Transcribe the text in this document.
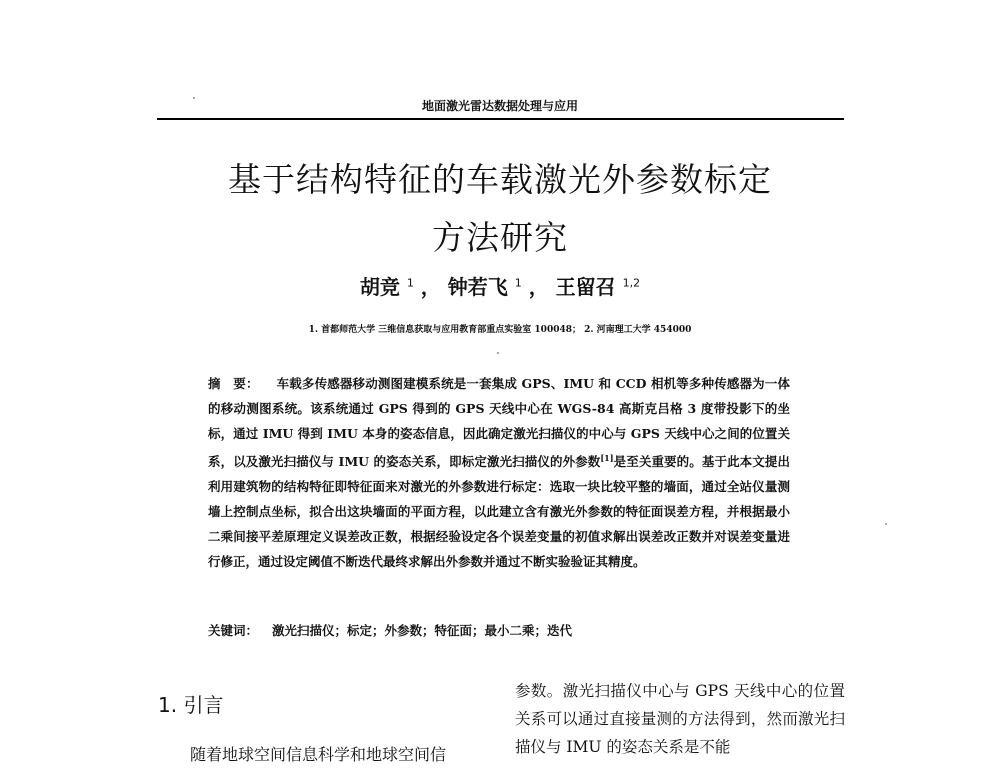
地面激光雷达数据处理与应用
基于结构特征的车载激光外参数标定
方法研究
胡竞 $^1$ ， 钟若飞 $^1$ ， 王留召 $^{1,2}$
1. 首都师范大学 三维信息获取与应用教育部重点实验室 100048； 2. 河南理工大学 454000
摘　要： 车载多传感器移动测图建模系统是一套集成 GPS、IMU 和 CCD 相机等多种传感器为一体的移动测图系统。该系统通过 GPS 得到的 GPS 天线中心在 WGS-84 高斯克吕格 3 度带投影下的坐标，通过 IMU 得到 IMU 本身的姿态信息，因此确定激光扫描仪的中心与 GPS 天线中心之间的位置关系，以及激光扫描仪与 IMU 的姿态关系，即标定激光扫描仪的外参数[1]是至关重要的。基于此本文提出利用建筑物的结构特征即特征面来对激光的外参数进行标定：选取一块比较平整的墙面，通过全站仪量测墙上控制点坐标，拟合出这块墙面的平面方程，以此建立含有激光外参数的特征面误差方程，并根据最小二乘间接平差原理定义误差改正数，根据经验设定各个误差变量的初值求解出误差改正数并对误差变量进行修正，通过设定阈值不断迭代最终求解出外参数并通过不断实验验证其精度。
关键词： 激光扫描仪；标定；外参数；特征面；最小二乘；迭代
1. 引言
随着地球空间信息科学和地球空间信
参数。激光扫描仪中心与 GPS 天线中心的位置关系可以通过直接量测的方法得到，然而激光扫描仪与 IMU 的姿态关系是不能
